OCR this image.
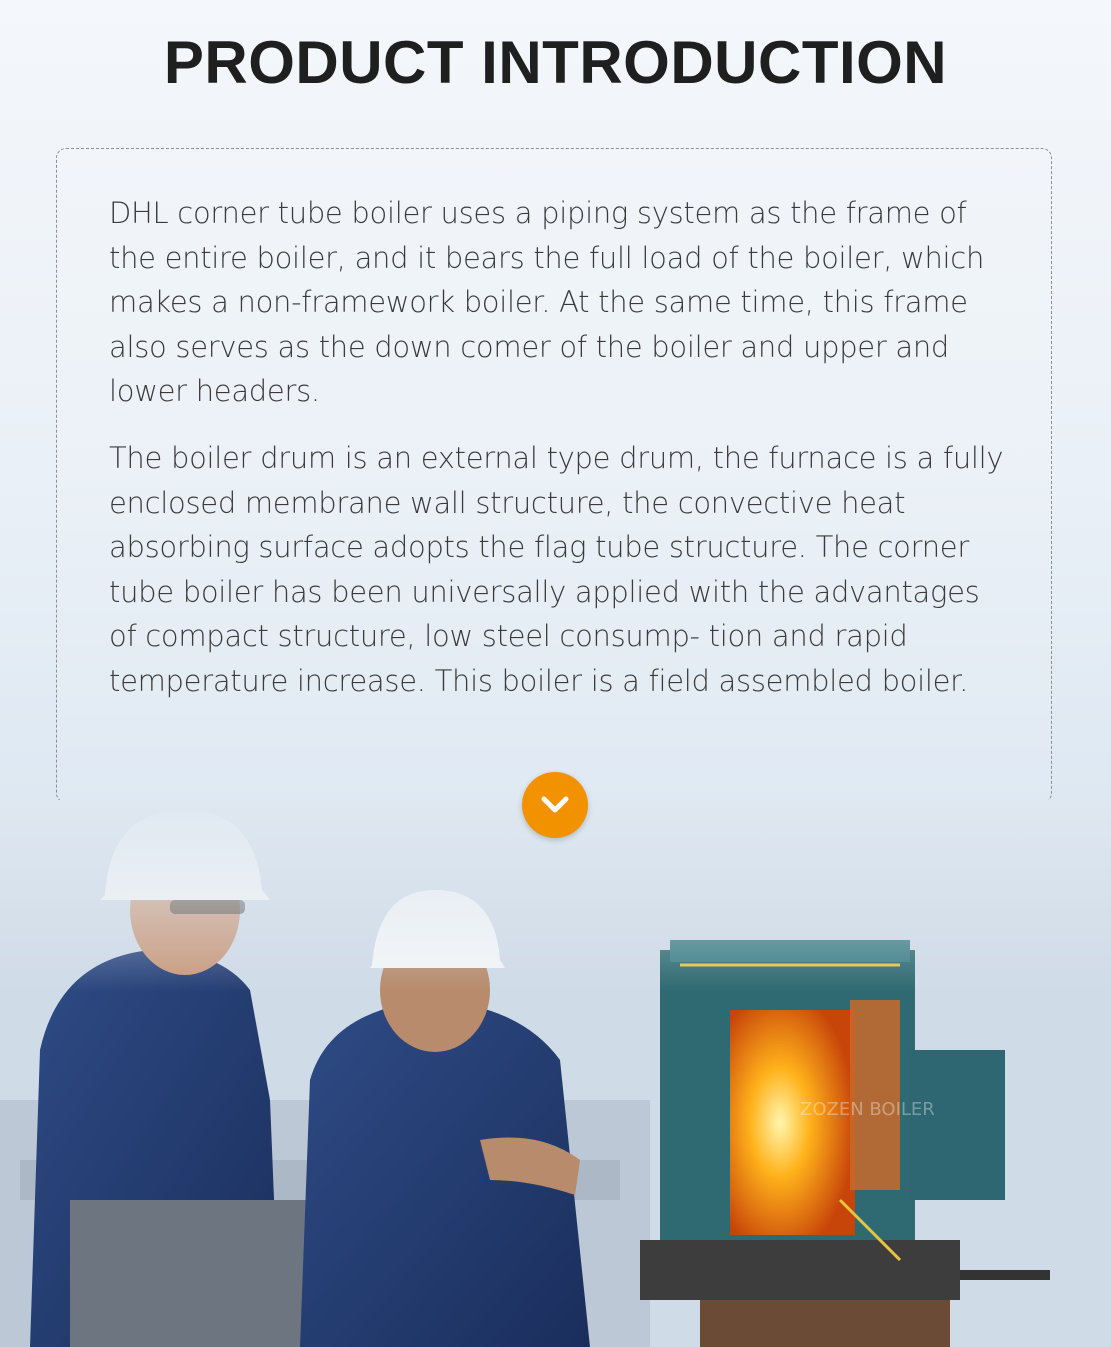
PRODUCT INTRODUCTION

DHL corner tube boiler uses a piping system as the frame of the entire boiler, and it bears the full load of the boiler, which makes a non-framework boiler. At the same time, this frame also serves as the down comer of the boiler and upper and lower headers.

The boiler drum is an external type drum, the furnace is a fully enclosed membrane wall structure, the convective heat absorbing surface adopts the flag tube structure. The corner tube boiler has been universally applied with the advantages of compact structure, low steel consump- tion and rapid temperature increase. This boiler is a field assembled boiler.
